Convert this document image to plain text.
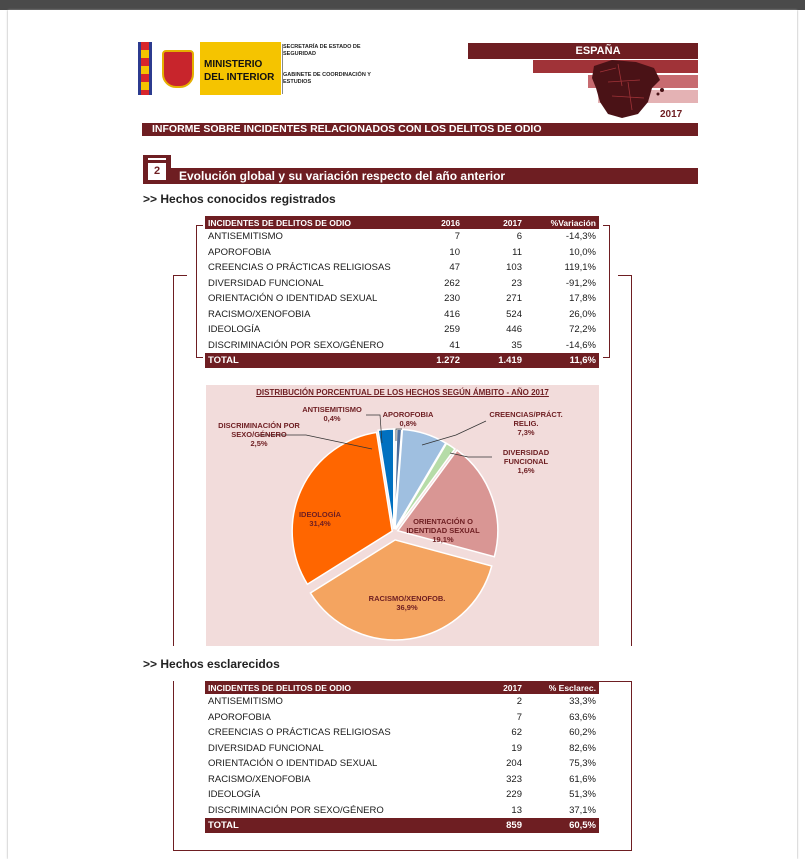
MINISTERIO
DEL INTERIOR
SECRETARÍA DE ESTADO DE SEGURIDAD
GABINETE DE COORDINACIÓN Y ESTUDIOS
ESPAÑA
2017
INFORME SOBRE INCIDENTES RELACIONADOS CON LOS DELITOS DE ODIO
2	Evolución global y su variación respecto del año anterior
>> Hechos conocidos registrados
INCIDENTES DE DELITOS DE ODIO	2016	2017	%Variación
ANTISEMITISMO	7	6	-14,3%
APOROFOBIA	10	11	10,0%
CREENCIAS O PRÁCTICAS RELIGIOSAS	47	103	119,1%
DIVERSIDAD FUNCIONAL	262	23	-91,2%
ORIENTACIÓN O IDENTIDAD SEXUAL	230	271	17,8%
RACISMO/XENOFOBIA	416	524	26,0%
IDEOLOGÍA	259	446	72,2%
DISCRIMINACIÓN POR SEXO/GÉNERO	41	35	-14,6%
TOTAL	1.272	1.419	11,6%
DISTRIBUCIÓN PORCENTUAL DE LOS HECHOS SEGÚN ÁMBITO - AÑO 2017
ANTISEMITISMO
0,4%	APOROFOBIA
0,8%
CREENCIAS/PRÁCT.
RELIG.
7,3%
DIVERSIDAD
FUNCIONAL
1,6%
ORIENTACIÓN O
IDENTIDAD SEXUAL
19,1%
RACISMO/XENOFOB.
36,9%
IDEOLOGÍA
31,4%
DISCRIMINACIÓN POR
SEXO/GÉNERO
2,5%
>> Hechos esclarecidos
INCIDENTES DE DELITOS DE ODIO	2017	% Esclarec.
ANTISEMITISMO	2	33,3%
APOROFOBIA	7	63,6%
CREENCIAS O PRÁCTICAS RELIGIOSAS	62	60,2%
DIVERSIDAD FUNCIONAL	19	82,6%
ORIENTACIÓN O IDENTIDAD SEXUAL	204	75,3%
RACISMO/XENOFOBIA	323	61,6%
IDEOLOGÍA	229	51,3%
DISCRIMINACIÓN POR SEXO/GÉNERO	13	37,1%
TOTAL	859	60,5%
